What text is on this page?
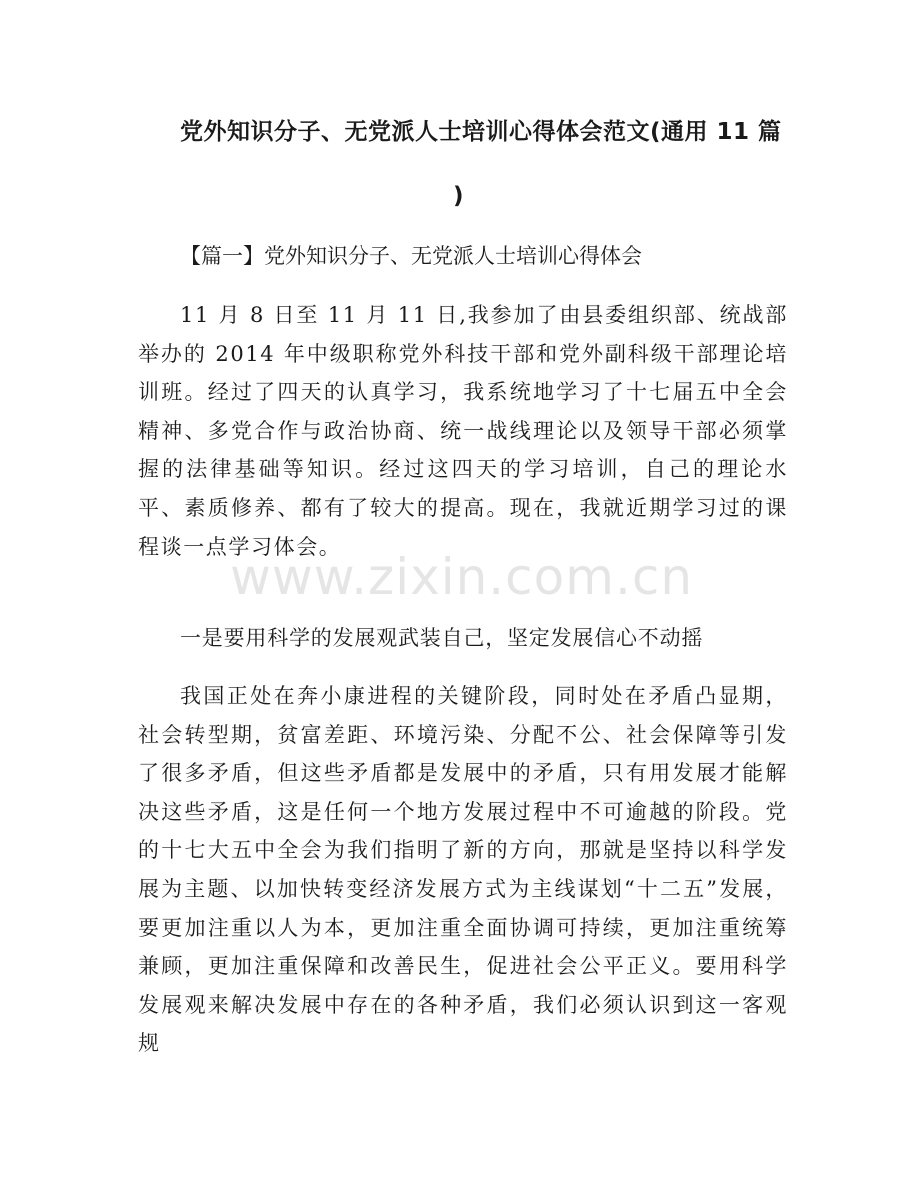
党外知识分子、无党派人士培训心得体会范文(通用 11 篇
)
【篇一】党外知识分子、无党派人士培训心得体会

11 月 8 日至 11 月 11 日,我参加了由县委组织部、统战部举办的 2014 年中级职称党外科技干部和党外副科级干部理论培训班。经过了四天的认真学习，我系统地学习了十七届五中全会精神、多党合作与政治协商、统一战线理论以及领导干部必须掌握的法律基础等知识。经过这四天的学习培训，自己的理论水平、素质修养、都有了较大的提高。现在，我就近期学习过的课程谈一点学习体会。

一是要用科学的发展观武装自己，坚定发展信心不动摇

我国正处在奔小康进程的关键阶段，同时处在矛盾凸显期，社会转型期，贫富差距、环境污染、分配不公、社会保障等引发了很多矛盾，但这些矛盾都是发展中的矛盾，只有用发展才能解决这些矛盾，这是任何一个地方发展过程中不可逾越的阶段。党的十七大五中全会为我们指明了新的方向，那就是坚持以科学发展为主题、以加快转变经济发展方式为主线谋划“十二五”发展，要更加注重以人为本，更加注重全面协调可持续，更加注重统筹兼顾，更加注重保障和改善民生，促进社会公平正义。要用科学发展观来解决发展中存在的各种矛盾，我们必须认识到这一客观规

www.zixin.com.cn
